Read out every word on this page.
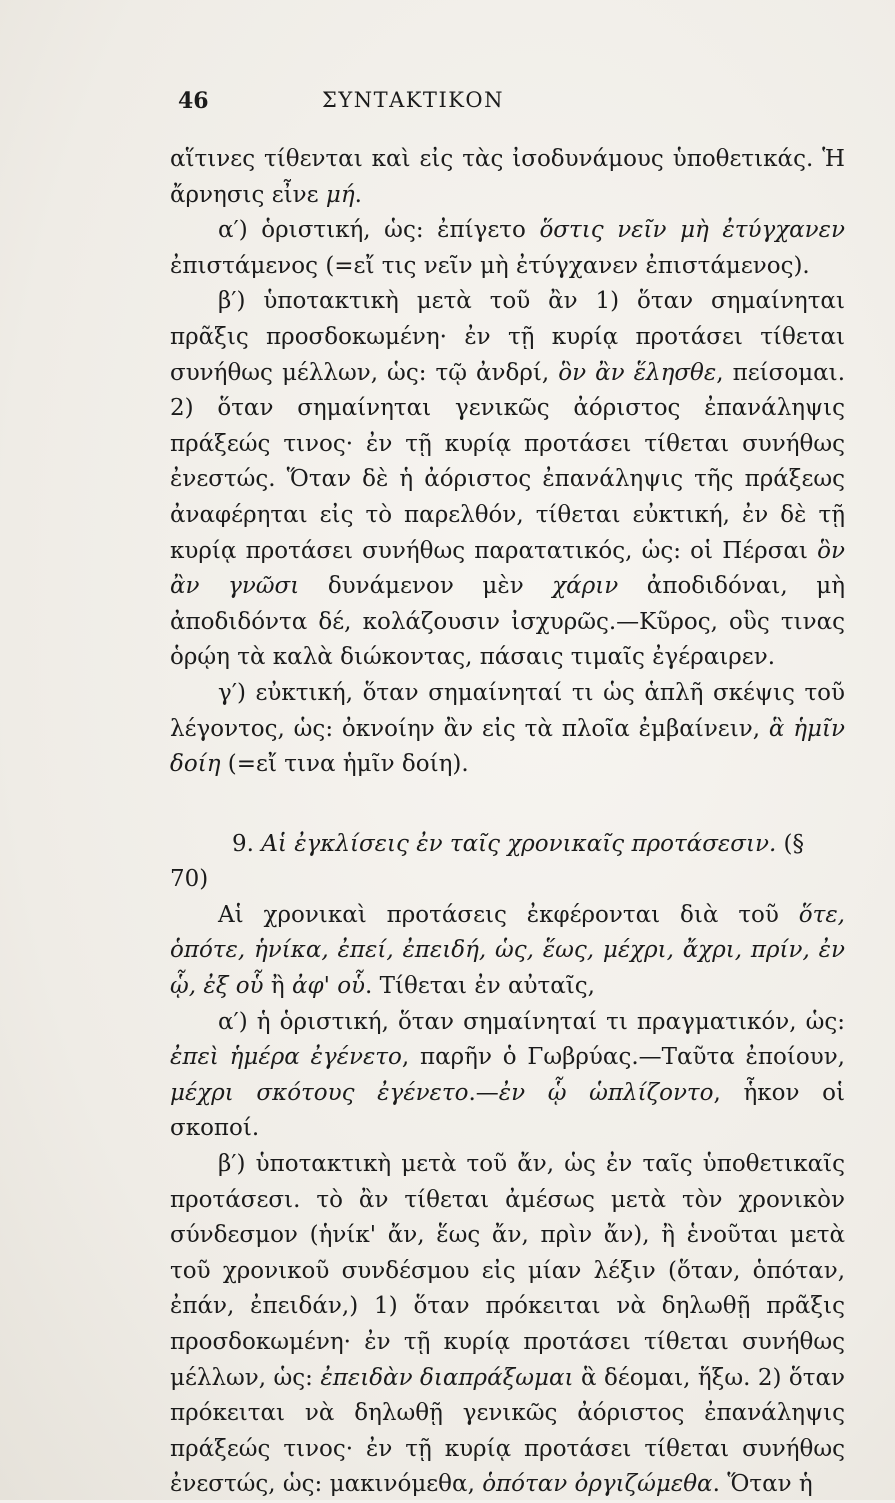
46	ΣΥΝΤΑΚΤΙΚΟΝ

αἵτινες τίθενται καὶ εἰς τὰς ἰσοδυνάμους ὑποθετικάς. Ἡ ἄρνησις εἶνε μή.

α′) ὁριστική, ὡς: ἐπίγετο ὅστις νεῖν μὴ ἐτύγχανεν ἐπιστάμενος (=εἴ τις νεῖν μὴ ἐτύγχανεν ἐπιστάμενος).

β′) ὑποτακτικὴ μετὰ τοῦ ἂν 1) ὅταν σημαίνηται πρᾶξις προσδοκωμένη· ἐν τῇ κυρίᾳ προτάσει τίθεται συνήθως μέλλων, ὡς: τῷ ἀνδρί, ὃν ἂν ἕλησθε, πείσομαι. 2) ὅταν σημαίνηται γενικῶς ἀόριστος ἐπανάληψις πράξεώς τινος· ἐν τῇ κυρίᾳ προτάσει τίθεται συνήθως ἐνεστώς. Ὅταν δὲ ἡ ἀόριστος ἐπανάληψις τῆς πράξεως ἀναφέρηται εἰς τὸ παρελθόν, τίθεται εὐκτική, ἐν δὲ τῇ κυρίᾳ προτάσει συνήθως παρατατικός, ὡς: οἱ Πέρσαι ὃν ἂν γνῶσι δυνάμενον μὲν χάριν ἀποδιδόναι, μὴ ἀποδιδόντα δέ, κολάζουσιν ἰσχυρῶς.—Κῦρος, οὓς τινας ὁρῴη τὰ καλὰ διώκοντας, πάσαις τιμαῖς ἐγέραιρεν.

γ′) εὐκτική, ὅταν σημαίνηταί τι ὡς ἁπλῆ σκέψις τοῦ λέγοντος, ὡς: ὀκνοίην ἂν εἰς τὰ πλοῖα ἐμβαίνειν, ἃ ἡμῖν δοίη (=εἴ τινα ἡμῖν δοίη).

9. Αἱ ἐγκλίσεις ἐν ταῖς χρονικαῖς προτάσεσιν. (§ 70)

Αἱ χρονικαὶ προτάσεις ἐκφέρονται διὰ τοῦ ὅτε, ὁπότε, ἡνίκα, ἐπεί, ἐπειδή, ὡς, ἕως, μέχρι, ἄχρι, πρίν, ἐν ᾧ, ἐξ οὗ ἢ ἀφ' οὗ. Τίθεται ἐν αὐταῖς,

α′) ἡ ὁριστική, ὅταν σημαίνηταί τι πραγματικόν, ὡς: ἐπεὶ ἡμέρα ἐγένετο, παρῆν ὁ Γωβρύας.—Ταῦτα ἐποίουν, μέχρι σκότους ἐγένετο.—ἐν ᾧ ὡπλίζοντο, ἧκον οἱ σκοποί.

β′) ὑποτακτικὴ μετὰ τοῦ ἄν, ὡς ἐν ταῖς ὑποθετικαῖς προτάσεσι. τὸ ἂν τίθεται ἀμέσως μετὰ τὸν χρονικὸν σύνδεσμον (ἡνίκ' ἄν, ἕως ἄν, πρὶν ἄν), ἢ ἑνοῦται μετὰ τοῦ χρονικοῦ συνδέσμου εἰς μίαν λέξιν (ὅταν, ὁπόταν, ἐπάν, ἐπειδάν,) 1) ὅταν πρόκειται νὰ δηλωθῇ πρᾶξις προσδοκωμένη· ἐν τῇ κυρίᾳ προτάσει τίθεται συνήθως μέλλων, ὡς: ἐπειδὰν διαπράξωμαι ἃ δέομαι, ἥξω. 2) ὅταν πρόκειται νὰ δηλωθῇ γενικῶς ἀόριστος ἐπανάληψις πράξεώς τινος· ἐν τῇ κυρίᾳ προτάσει τίθεται συνήθως ἐνεστώς, ὡς: μακινόμεθα, ὁπόταν ὀργιζώμεθα. Ὅταν ἡ
